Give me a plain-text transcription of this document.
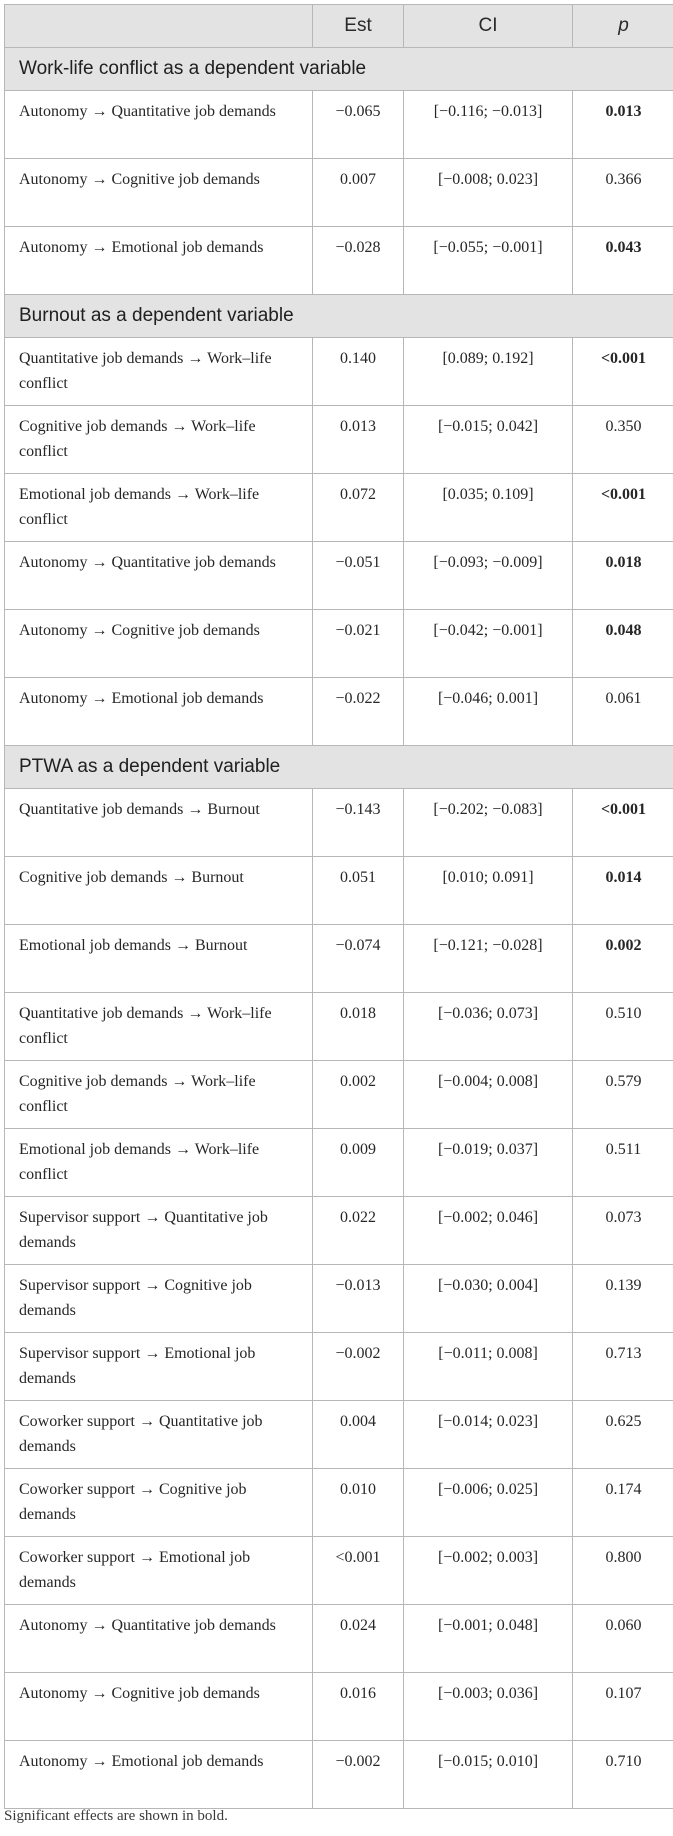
	Est	CI	p
Work-life conflict as a dependent variable			
Autonomy → Quantitative job demands	−0.065	[−0.116; −0.013]	0.013
Autonomy → Cognitive job demands	0.007	[−0.008; 0.023]	0.366
Autonomy → Emotional job demands	−0.028	[−0.055; −0.001]	0.043
Burnout as a dependent variable			
Quantitative job demands → Work–life conflict	0.140	[0.089; 0.192]	<0.001
Cognitive job demands → Work–life conflict	0.013	[−0.015; 0.042]	0.350
Emotional job demands → Work–life conflict	0.072	[0.035; 0.109]	<0.001
Autonomy → Quantitative job demands	−0.051	[−0.093; −0.009]	0.018
Autonomy → Cognitive job demands	−0.021	[−0.042; −0.001]	0.048
Autonomy → Emotional job demands	−0.022	[−0.046; 0.001]	0.061
PTWA as a dependent variable			
Quantitative job demands → Burnout	−0.143	[−0.202; −0.083]	<0.001
Cognitive job demands → Burnout	0.051	[0.010; 0.091]	0.014
Emotional job demands → Burnout	−0.074	[−0.121; −0.028]	0.002
Quantitative job demands → Work–life conflict	0.018	[−0.036; 0.073]	0.510
Cognitive job demands → Work–life conflict	0.002	[−0.004; 0.008]	0.579
Emotional job demands → Work–life conflict	0.009	[−0.019; 0.037]	0.511
Supervisor support → Quantitative job demands	0.022	[−0.002; 0.046]	0.073
Supervisor support → Cognitive job demands	−0.013	[−0.030; 0.004]	0.139
Supervisor support → Emotional job demands	−0.002	[−0.011; 0.008]	0.713
Coworker support → Quantitative job demands	0.004	[−0.014; 0.023]	0.625
Coworker support → Cognitive job demands	0.010	[−0.006; 0.025]	0.174
Coworker support → Emotional job demands	<0.001	[−0.002; 0.003]	0.800
Autonomy → Quantitative job demands	0.024	[−0.001; 0.048]	0.060
Autonomy → Cognitive job demands	0.016	[−0.003; 0.036]	0.107
Autonomy → Emotional job demands	−0.002	[−0.015; 0.010]	0.710
Significant effects are shown in bold.
